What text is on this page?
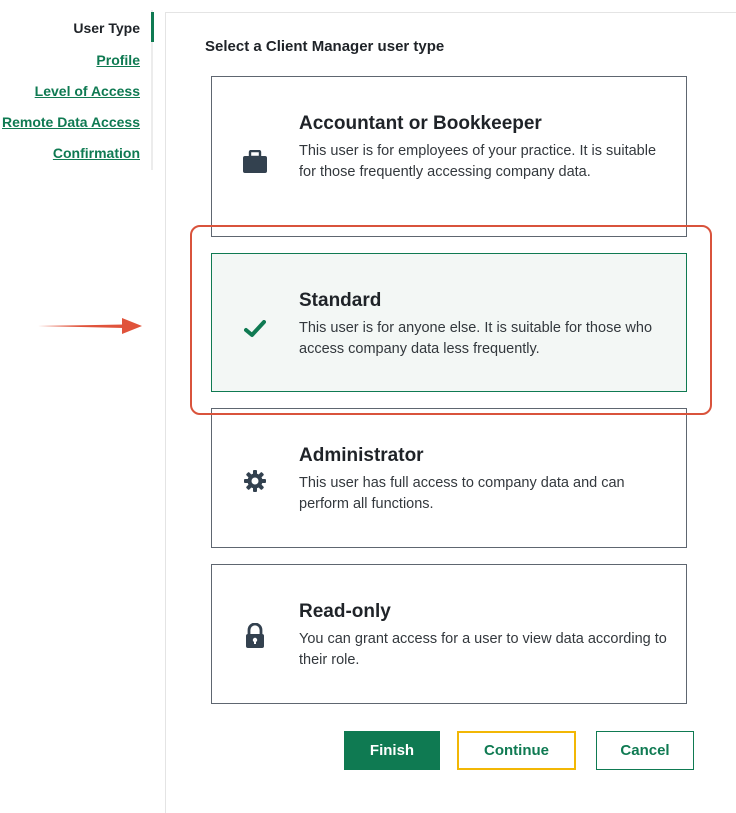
User Type
Profile
Level of Access
Remote Data Access
Confirmation
Select a Client Manager user type
Accountant or Bookkeeper
This user is for employees of your practice. It is suitable for those frequently accessing company data.
Standard
This user is for anyone else. It is suitable for those who access company data less frequently.
Administrator
This user has full access to company data and can perform all functions.
Read-only
You can grant access for a user to view data according to their role.
Finish	Continue	Cancel
